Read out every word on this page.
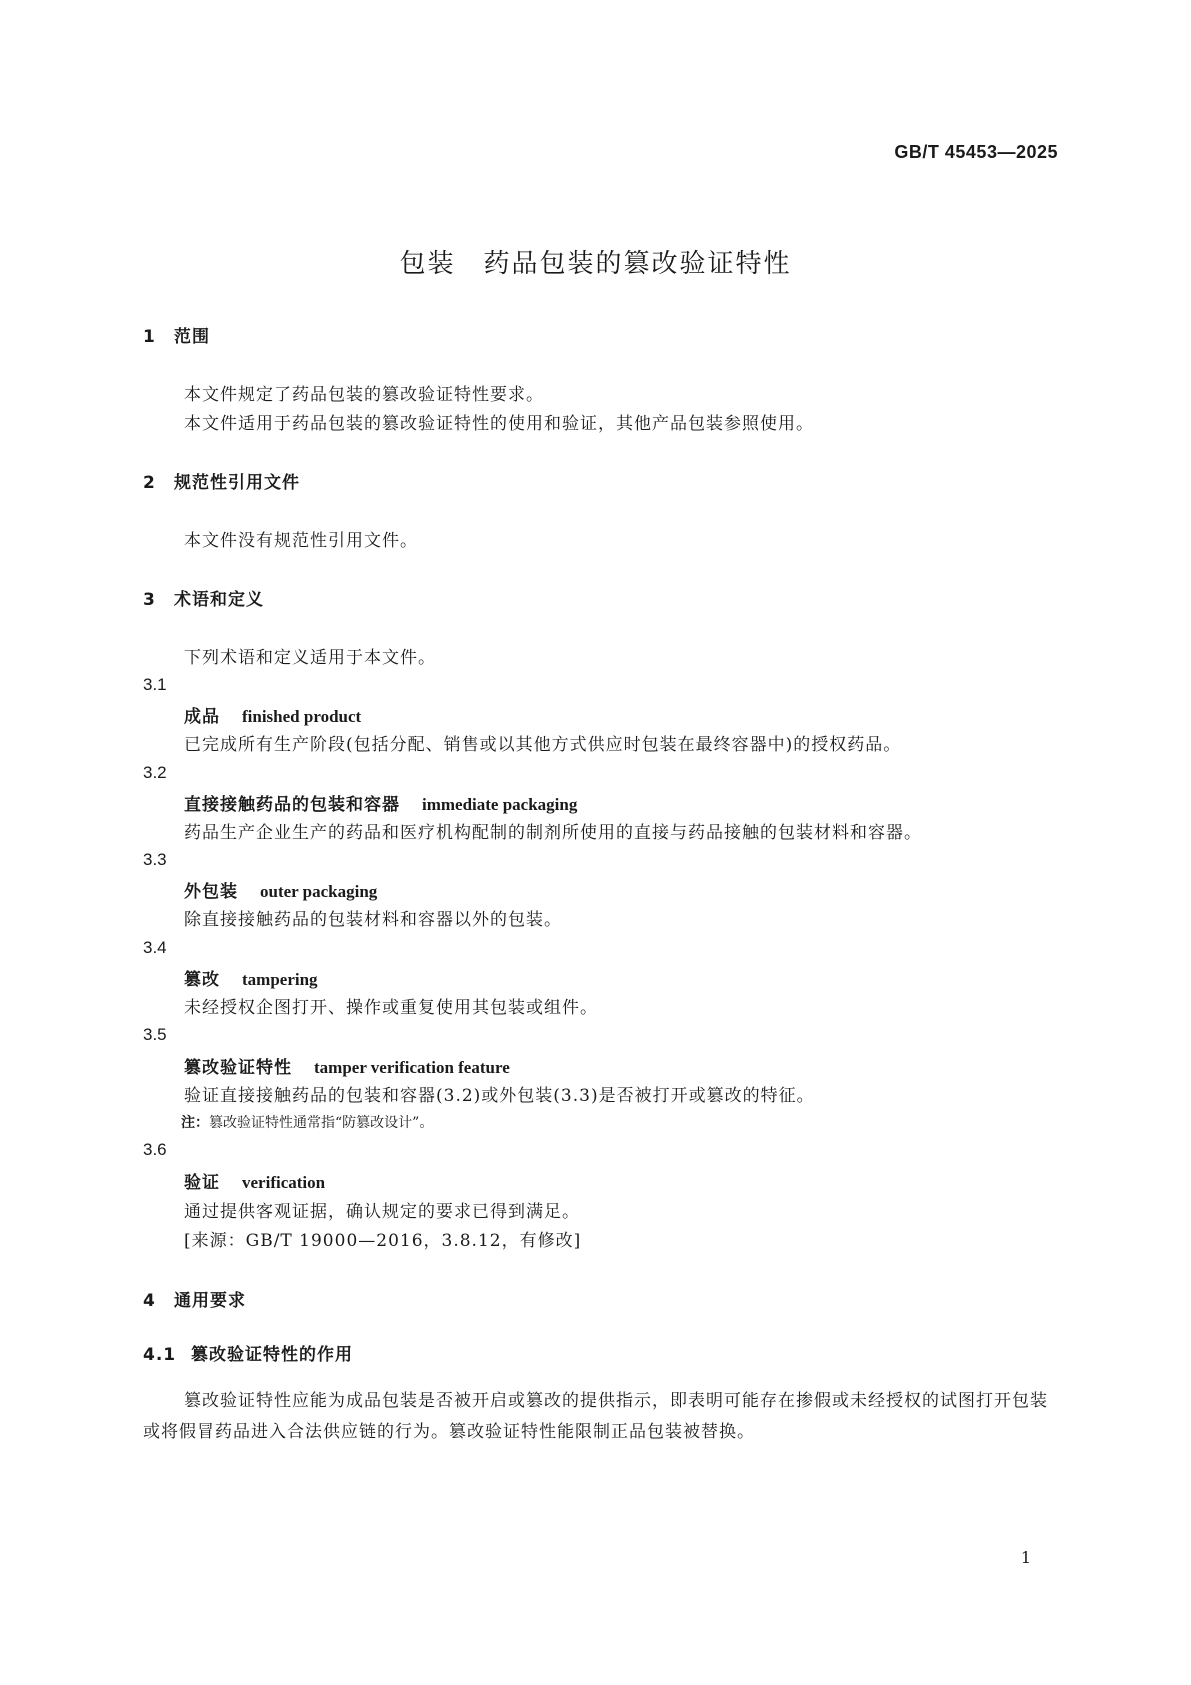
GB/T 45453—2025
包装　药品包装的篡改验证特性
1 范围
本文件规定了药品包装的篡改验证特性要求。
本文件适用于药品包装的篡改验证特性的使用和验证，其他产品包装参照使用。
2 规范性引用文件
本文件没有规范性引用文件。
3 术语和定义
下列术语和定义适用于本文件。
3.1
成品 finished product
已完成所有生产阶段(包括分配、销售或以其他方式供应时包装在最终容器中)的授权药品。
3.2
直接接触药品的包装和容器 immediate packaging
药品生产企业生产的药品和医疗机构配制的制剂所使用的直接与药品接触的包装材料和容器。
3.3
外包装 outer packaging
除直接接触药品的包装材料和容器以外的包装。
3.4
篡改 tampering
未经授权企图打开、操作或重复使用其包装或组件。
3.5
篡改验证特性 tamper verification feature
验证直接接触药品的包装和容器(3.2)或外包装(3.3)是否被打开或篡改的特征。
注：篡改验证特性通常指“防篡改设计”。
3.6
验证 verification
通过提供客观证据，确认规定的要求已得到满足。
[来源：GB/T 19000—2016，3.8.12，有修改]
4 通用要求
4.1 篡改验证特性的作用
篡改验证特性应能为成品包装是否被开启或篡改的提供指示，即表明可能存在掺假或未经授权的试图打开包装或将假冒药品进入合法供应链的行为。篡改验证特性能限制正品包装被替换。
1
